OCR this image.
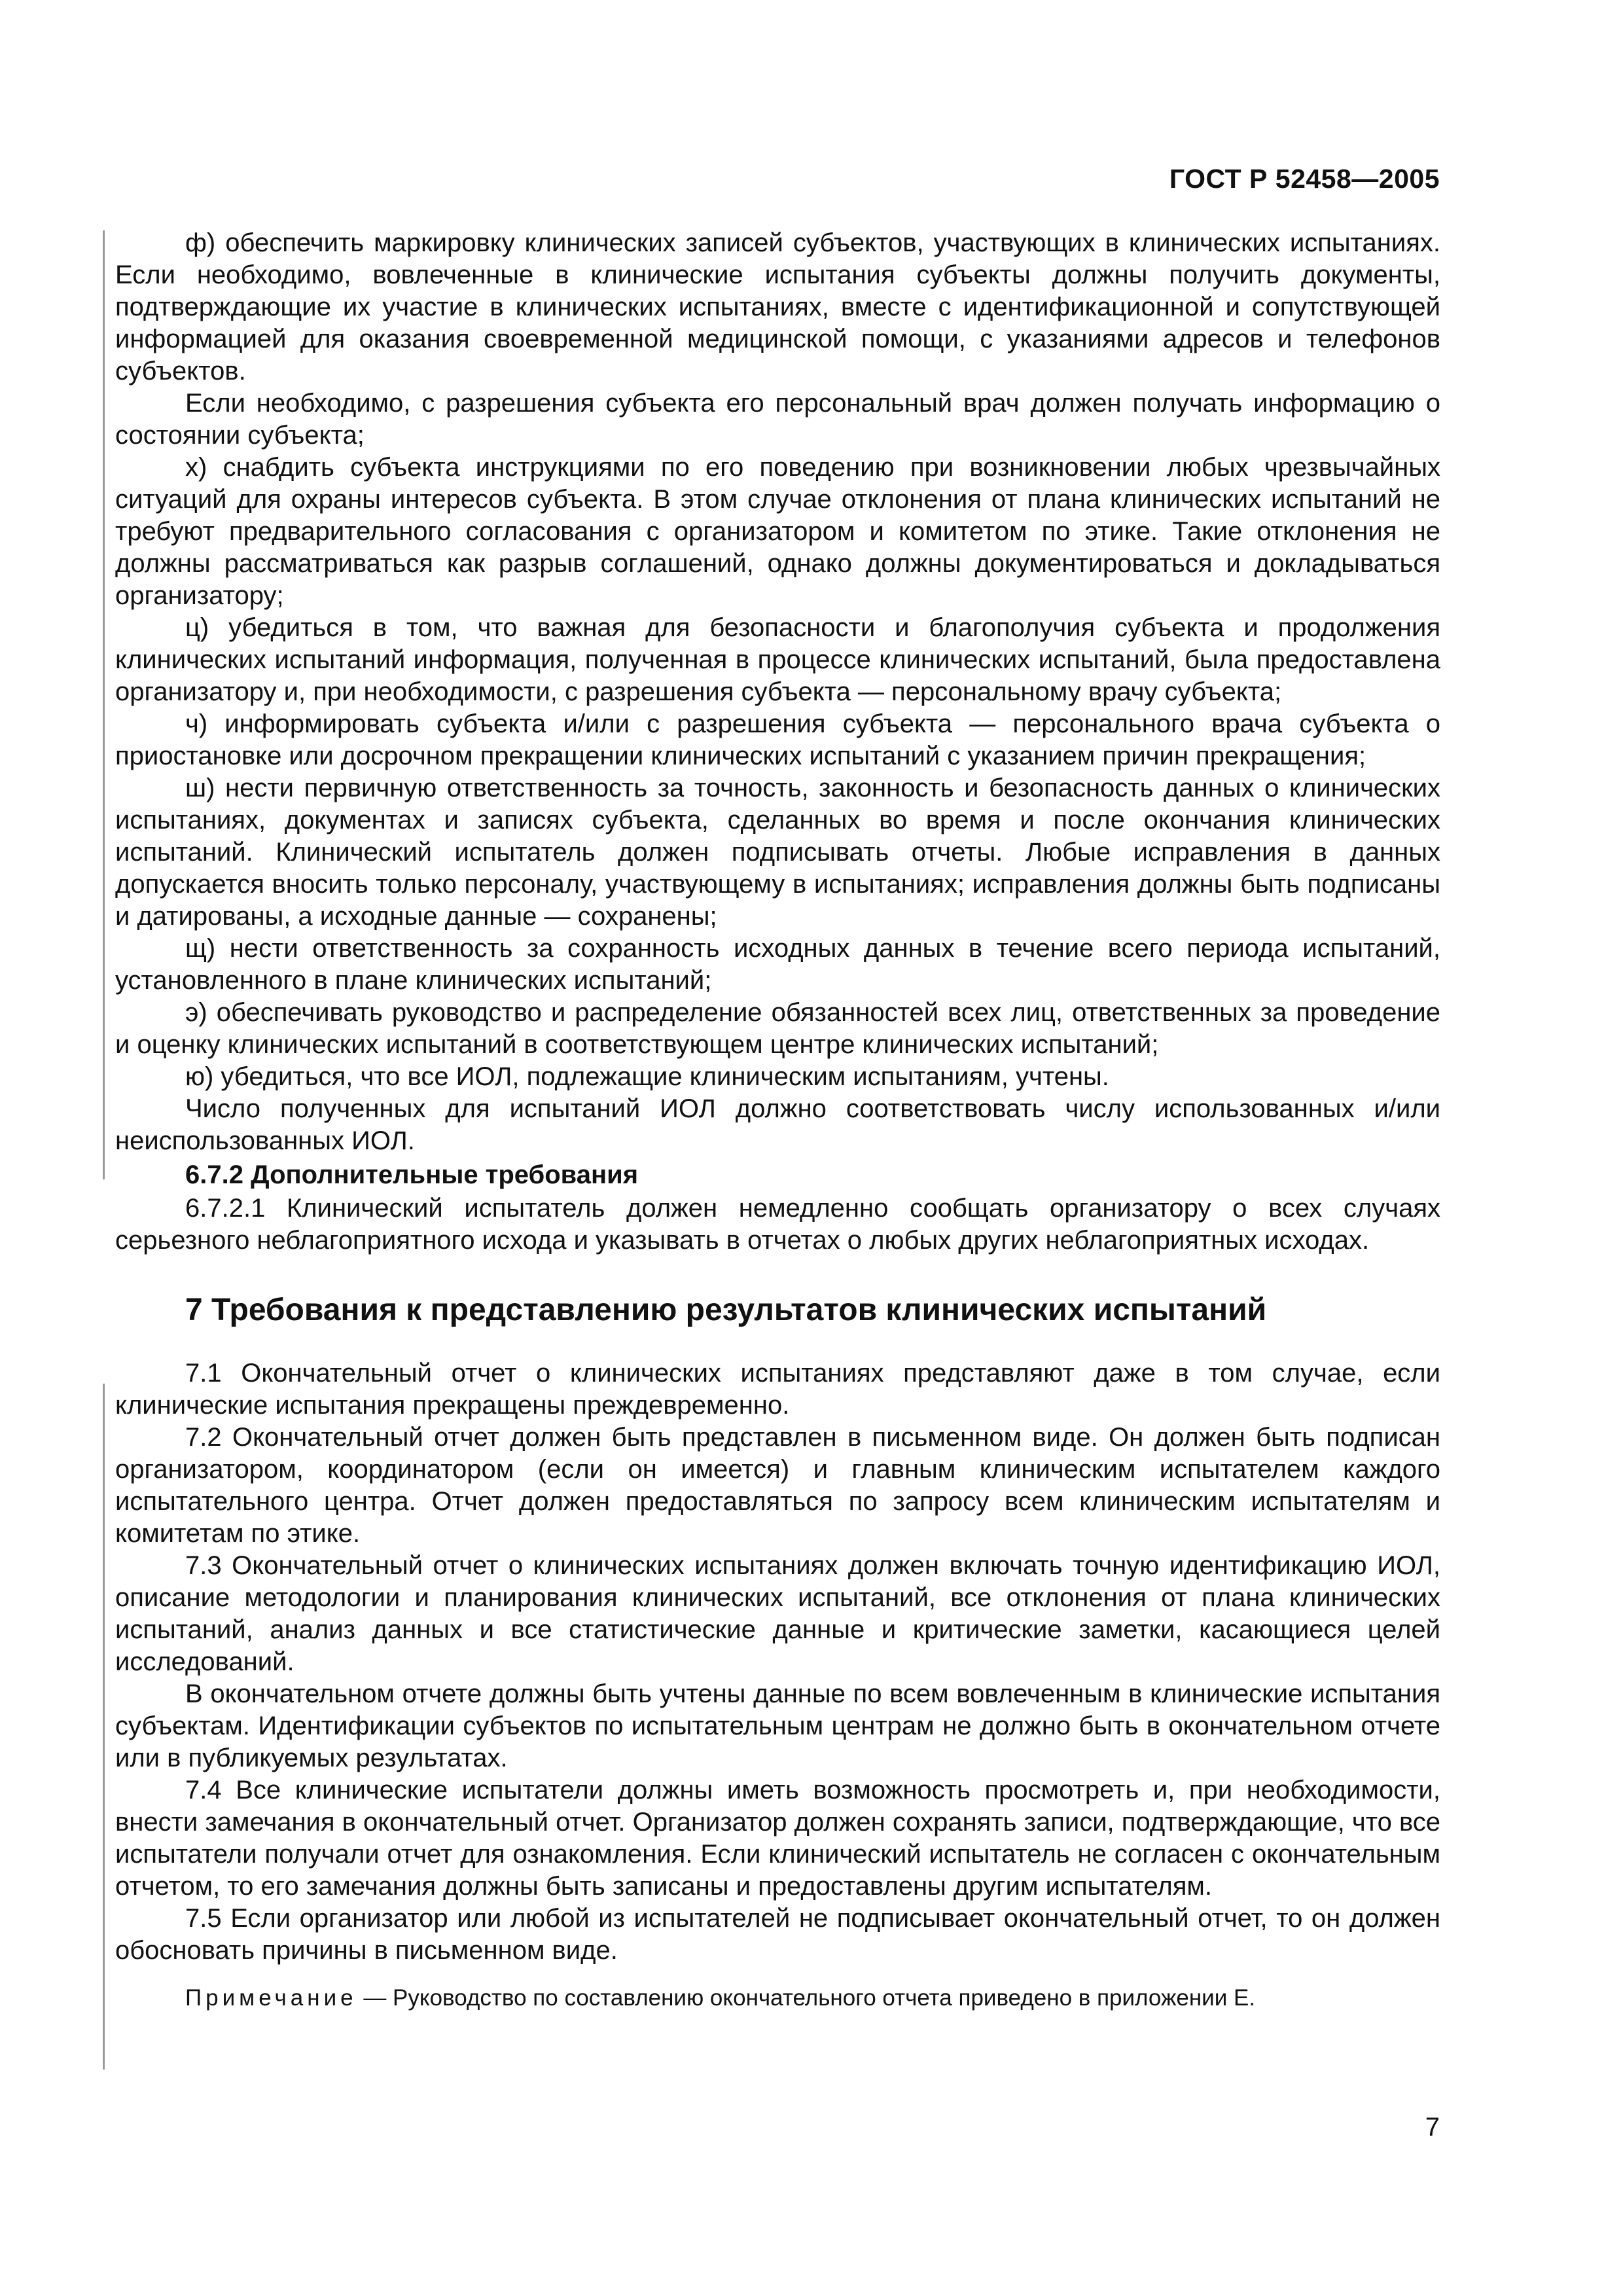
ГОСТ Р 52458—2005

ф) обеспечить маркировку клинических записей субъектов, участвующих в клинических испытаниях. Если необходимо, вовлеченные в клинические испытания субъекты должны получить документы, подтверждающие их участие в клинических испытаниях, вместе с идентификационной и сопутствующей информацией для оказания своевременной медицинской помощи, с указаниями адресов и телефонов субъектов.

Если необходимо, с разрешения субъекта его персональный врач должен получать информацию о состоянии субъекта;

х) снабдить субъекта инструкциями по его поведению при возникновении любых чрезвычайных ситуаций для охраны интересов субъекта. В этом случае отклонения от плана клинических испытаний не требуют предварительного согласования с организатором и комитетом по этике. Такие отклонения не должны рассматриваться как разрыв соглашений, однако должны документироваться и докладываться организатору;

ц) убедиться в том, что важная для безопасности и благополучия субъекта и продолжения клинических испытаний информация, полученная в процессе клинических испытаний, была предоставлена организатору и, при необходимости, с разрешения субъекта — персональному врачу субъекта;

ч) информировать субъекта и/или с разрешения субъекта — персонального врача субъекта о приостановке или досрочном прекращении клинических испытаний с указанием причин прекращения;

ш) нести первичную ответственность за точность, законность и безопасность данных о клинических испытаниях, документах и записях субъекта, сделанных во время и после окончания клинических испытаний. Клинический испытатель должен подписывать отчеты. Любые исправления в данных допускается вносить только персоналу, участвующему в испытаниях; исправления должны быть подписаны и датированы, а исходные данные — сохранены;

щ) нести ответственность за сохранность исходных данных в течение всего периода испытаний, установленного в плане клинических испытаний;

э) обеспечивать руководство и распределение обязанностей всех лиц, ответственных за проведение и оценку клинических испытаний в соответствующем центре клинических испытаний;

ю) убедиться, что все ИОЛ, подлежащие клиническим испытаниям, учтены.

Число полученных для испытаний ИОЛ должно соответствовать числу использованных и/или неиспользованных ИОЛ.

6.7.2 Дополнительные требования

6.7.2.1 Клинический испытатель должен немедленно сообщать организатору о всех случаях серьезного неблагоприятного исхода и указывать в отчетах о любых других неблагоприятных исходах.

7 Требования к представлению результатов клинических испытаний

7.1 Окончательный отчет о клинических испытаниях представляют даже в том случае, если клинические испытания прекращены преждевременно.

7.2 Окончательный отчет должен быть представлен в письменном виде. Он должен быть подписан организатором, координатором (если он имеется) и главным клиническим испытателем каждого испытательного центра. Отчет должен предоставляться по запросу всем клиническим испытателям и комитетам по этике.

7.3 Окончательный отчет о клинических испытаниях должен включать точную идентификацию ИОЛ, описание методологии и планирования клинических испытаний, все отклонения от плана клинических испытаний, анализ данных и все статистические данные и критические заметки, касающиеся целей исследований.

В окончательном отчете должны быть учтены данные по всем вовлеченным в клинические испытания субъектам. Идентификации субъектов по испытательным центрам не должно быть в окончательном отчете или в публикуемых результатах.

7.4 Все клинические испытатели должны иметь возможность просмотреть и, при необходимости, внести замечания в окончательный отчет. Организатор должен сохранять записи, подтверждающие, что все испытатели получали отчет для ознакомления. Если клинический испытатель не согласен с окончательным отчетом, то его замечания должны быть записаны и предоставлены другим испытателям.

7.5 Если организатор или любой из испытателей не подписывает окончательный отчет, то он должен обосновать причины в письменном виде.

Примечание — Руководство по составлению окончательного отчета приведено в приложении Е.

7
